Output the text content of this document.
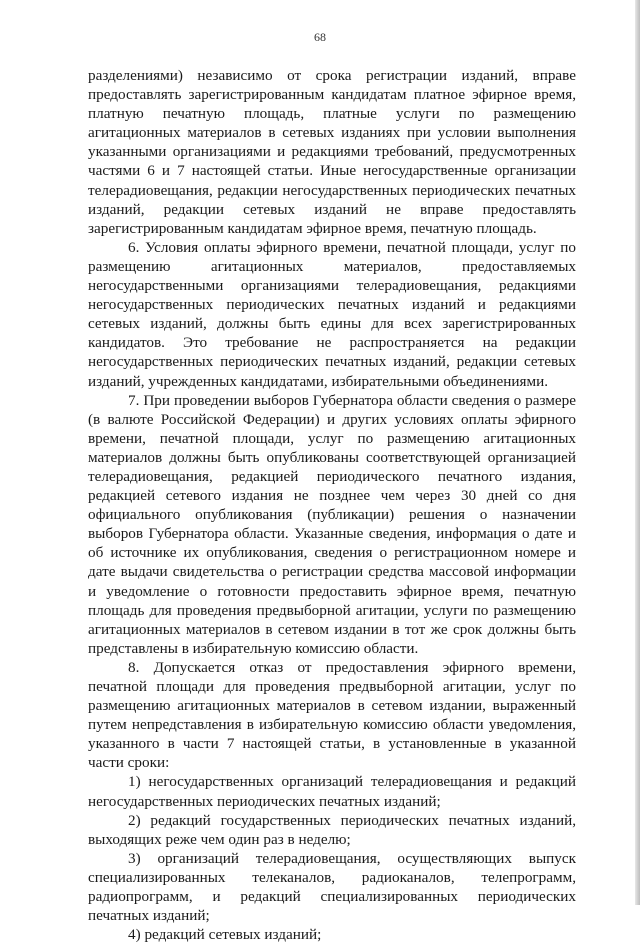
68

разделениями) независимо от срока регистрации изданий, вправе предоставлять зарегистрированным кандидатам платное эфирное время, платную печатную площадь, платные услуги по размещению агитационных материалов в сетевых изданиях при условии выполнения указанными организациями и редакциями требований, предусмотренных частями 6 и 7 настоящей статьи. Иные негосударственные организации телерадиовещания, редакции негосударственных периодических печатных изданий, редакции сетевых изданий не вправе предоставлять зарегистрированным кандидатам эфирное время, печатную площадь.

6. Условия оплаты эфирного времени, печатной площади, услуг по размещению агитационных материалов, предоставляемых негосударственными организациями телерадиовещания, редакциями негосударственных периодических печатных изданий и редакциями сетевых изданий, должны быть едины для всех зарегистрированных кандидатов. Это требование не распространяется на редакции негосударственных периодических печатных изданий, редакции сетевых изданий, учрежденных кандидатами, избирательными объединениями.

7. При проведении выборов Губернатора области сведения о размере (в валюте Российской Федерации) и других условиях оплаты эфирного времени, печатной площади, услуг по размещению агитационных материалов должны быть опубликованы соответствующей организацией телерадиовещания, редакцией периодического печатного издания, редакцией сетевого издания не позднее чем через 30 дней со дня официального опубликования (публикации) решения о назначении выборов Губернатора области. Указанные сведения, информация о дате и об источнике их опубликования, сведения о регистрационном номере и дате выдачи свидетельства о регистрации средства массовой информации и уведомление о готовности предоставить эфирное время, печатную площадь для проведения предвыборной агитации, услуги по размещению агитационных материалов в сетевом издании в тот же срок должны быть представлены в избирательную комиссию области.

8. Допускается отказ от предоставления эфирного времени, печатной площади для проведения предвыборной агитации, услуг по размещению агитационных материалов в сетевом издании, выраженный путем непредставления в избирательную комиссию области уведомления, указанного в части 7 настоящей статьи, в установленные в указанной части сроки:

1) негосударственных организаций телерадиовещания и редакций негосударственных периодических печатных изданий;

2) редакций государственных периодических печатных изданий, выходящих реже чем один раз в неделю;

3) организаций телерадиовещания, осуществляющих выпуск специализированных телеканалов, радиоканалов, телепрограмм, радиопрограмм, и редакций специализированных периодических печатных изданий;

4) редакций сетевых изданий;
